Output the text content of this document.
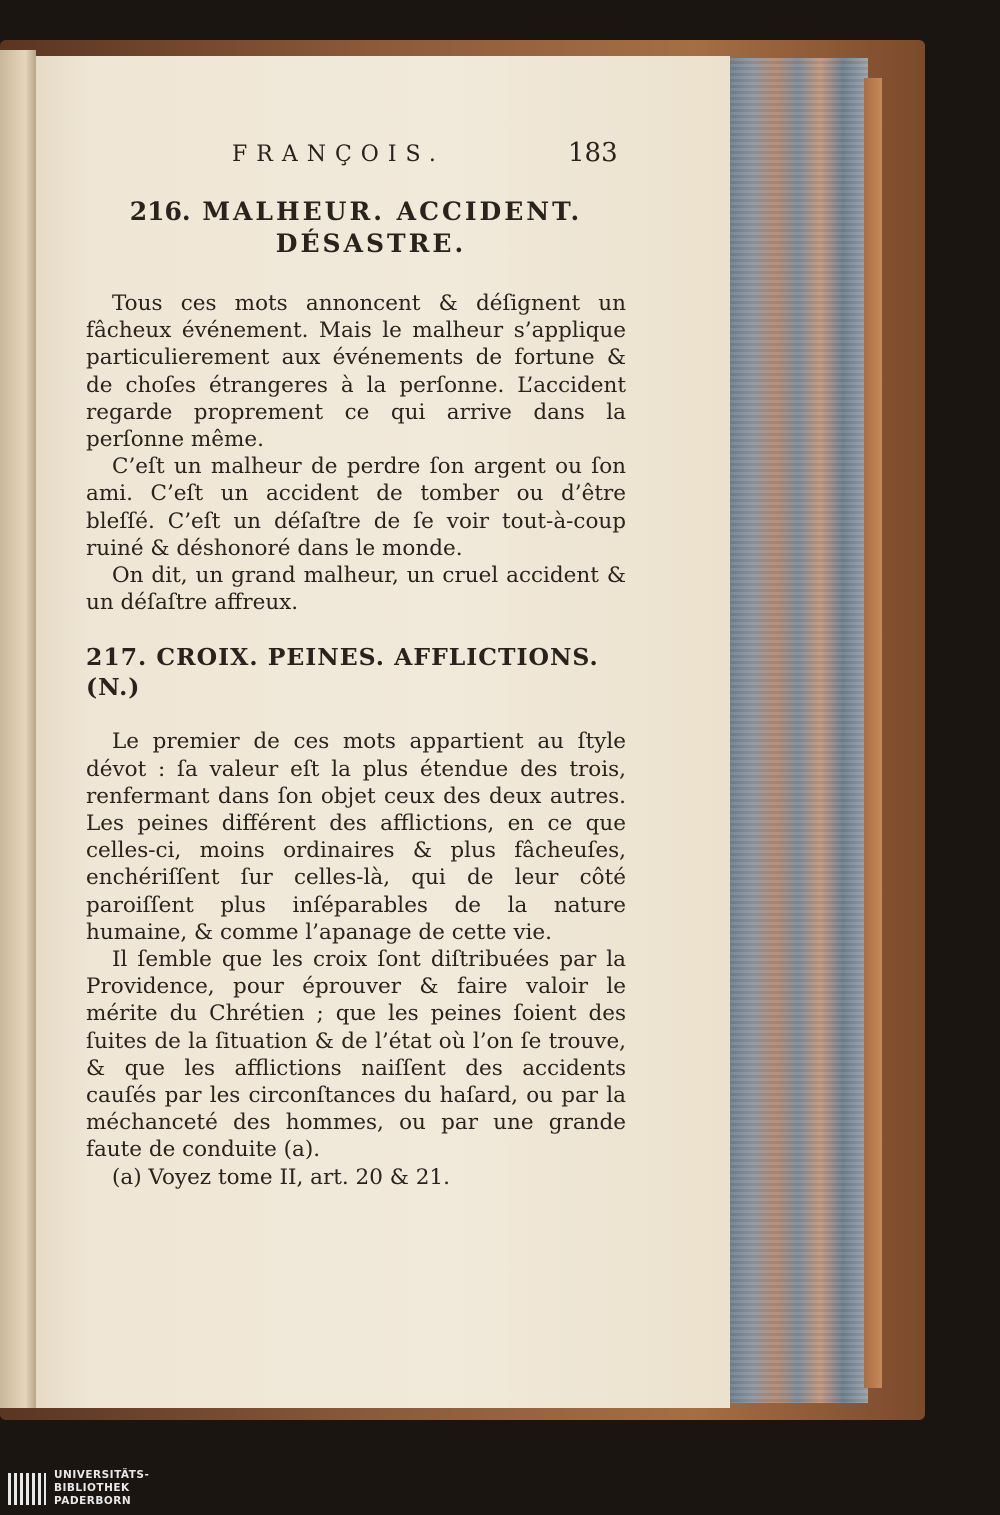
FRANÇOIS.	183
216. MALHEUR. ACCIDENT.
DÉSASTRE.

Tous ces mots annoncent & déſignent un fâcheux événement. Mais le malheur s’applique particulierement aux événements de fortune & de choſes étrangeres à la perſonne. L’accident regarde proprement ce qui arrive dans la perſonne même.

C’eſt un malheur de perdre ſon argent ou ſon ami. C’eſt un accident de tomber ou d’être bleſſé. C’eſt un déſaſtre de ſe voir tout-à-coup ruiné & déshonoré dans le monde.

On dit, un grand malheur, un cruel accident & un déſaſtre affreux.

217. CROIX. PEINES. AFFLICTIONS. (N.)

Le premier de ces mots appartient au ſtyle dévot : ſa valeur eſt la plus étendue des trois, renfermant dans ſon objet ceux des deux autres. Les peines différent des afflictions, en ce que celles-ci, moins ordinaires & plus fâcheuſes, enchériſſent ſur celles-là, qui de leur côté paroiſſent plus inſéparables de la nature humaine, & comme l’apanage de cette vie.

Il ſemble que les croix ſont diſtribuées par la Providence, pour éprouver & faire valoir le mérite du Chrétien ; que les peines ſoient des ſuites de la ſituation & de l’état où l’on ſe trouve, & que les afflictions naiſſent des accidents cauſés par les circonſtances du haſard, ou par la méchanceté des hommes, ou par une grande faute de conduite (a).

(a) Voyez tome II, art. 20 & 21.

UNIVERSITÄTS-
BIBLIOTHEK
PADERBORN
